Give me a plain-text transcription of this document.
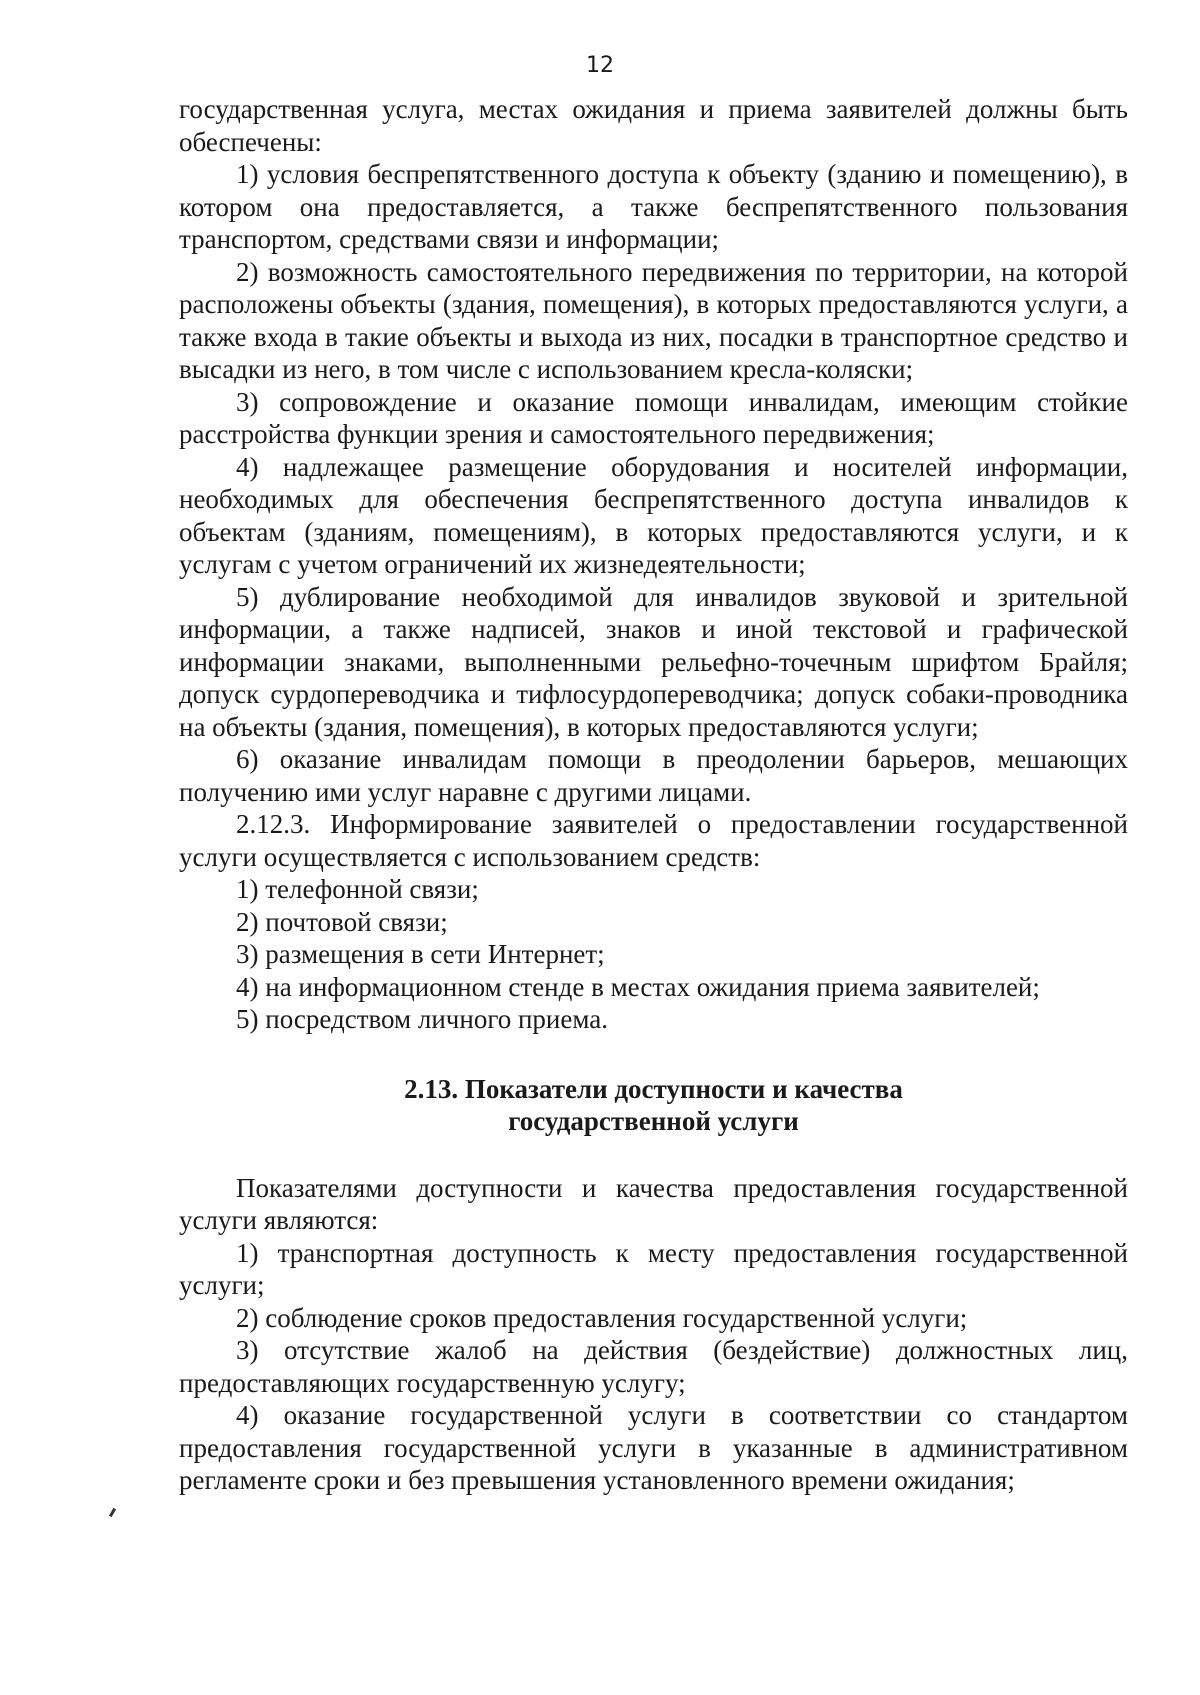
12

государственная услуга, местах ожидания и приема заявителей должны быть обеспечены:

1) условия беспрепятственного доступа к объекту (зданию и помещению), в котором она предоставляется, а также беспрепятственного пользования транспортом, средствами связи и информации;

2) возможность самостоятельного передвижения по территории, на которой расположены объекты (здания, помещения), в которых предоставляются услуги, а также входа в такие объекты и выхода из них, посадки в транспортное средство и высадки из него, в том числе с использованием кресла-коляски;

3) сопровождение и оказание помощи инвалидам, имеющим стойкие расстройства функции зрения и самостоятельного передвижения;

4) надлежащее размещение оборудования и носителей информации, необходимых для обеспечения беспрепятственного доступа инвалидов к объектам (зданиям, помещениям), в которых предоставляются услуги, и к услугам с учетом ограничений их жизнедеятельности;

5) дублирование необходимой для инвалидов звуковой и зрительной информации, а также надписей, знаков и иной текстовой и графической информации знаками, выполненными рельефно-точечным шрифтом Брайля; допуск сурдопереводчика и тифлосурдопереводчика; допуск собаки-проводника на объекты (здания, помещения), в которых предоставляются услуги;

6) оказание инвалидам помощи в преодолении барьеров, мешающих получению ими услуг наравне с другими лицами.

2.12.3. Информирование заявителей о предоставлении государственной услуги осуществляется с использованием средств:

1) телефонной связи;

2) почтовой связи;

3) размещения в сети Интернет;

4) на информационном стенде в местах ожидания приема заявителей;

5) посредством личного приема.

2.13. Показатели доступности и качества
государственной услуги

Показателями доступности и качества предоставления государственной услуги являются:

1) транспортная доступность к месту предоставления государственной услуги;

2) соблюдение сроков предоставления государственной услуги;

3) отсутствие жалоб на действия (бездействие) должностных лиц, предоставляющих государственную услугу;

4) оказание государственной услуги в соответствии со стандартом предоставления государственной услуги в указанные в административном регламенте сроки и без превышения установленного времени ожидания;
